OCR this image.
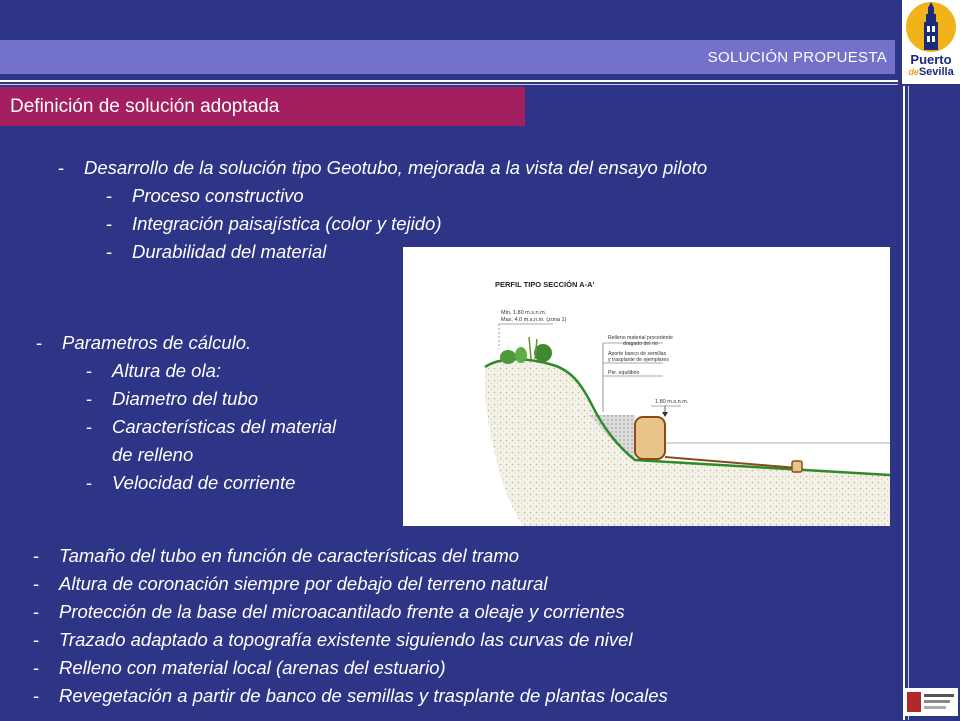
Puerto
deSevilla
SOLUCIÓN PROPUESTA
Definición de solución adoptada
- Desarrollo de la solución tipo Geotubo, mejorada a la vista del ensayo piloto
- Proceso constructivo
- Integración paisajística (color y tejido)
- Durabilidad del material
- Parametros de cálculo.
- Altura de ola:
- Diametro del tubo
- Características del material
de relleno
- Velocidad de corriente
PERFIL TIPO SECCIÓN A-A'
Min. 1.80 m.s.n.m.
Max. 4.0 m.s.n.m. (zona 1)
Relleno material procedente
dragado del río
Aporte banco de semillas
y trasplante de ejemplares
Pte. equilibrio
1.80 m.s.n.m.
- Tamaño del tubo en función de características del tramo
- Altura de coronación siempre por debajo del terreno natural
- Protección de la base del microacantilado frente a oleaje y corrientes
- Trazado adaptado a topografía existente siguiendo las curvas de nivel
- Relleno con material local (arenas del estuario)
- Revegetación a partir de banco de semillas y trasplante de plantas locales
